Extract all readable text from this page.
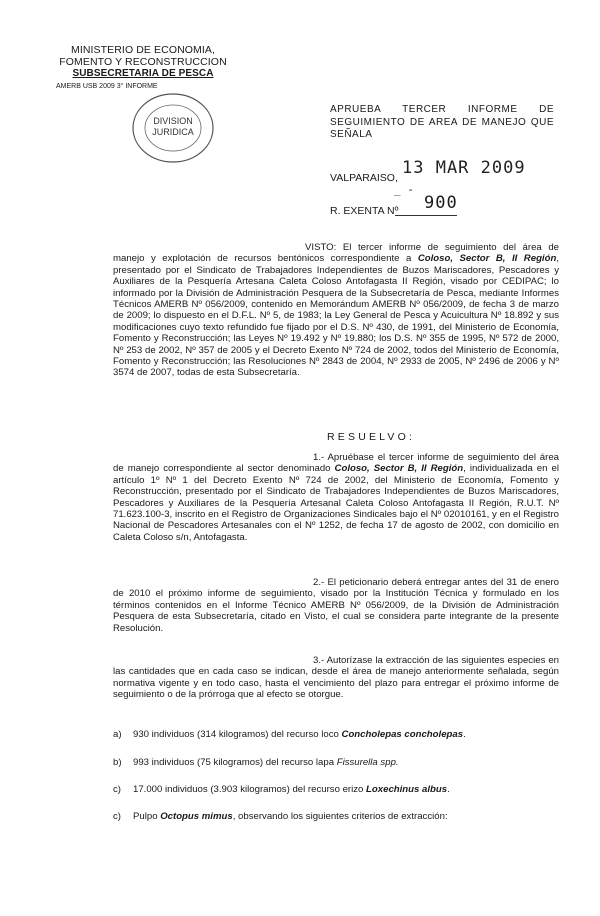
MINISTERIO DE ECONOMIA,
FOMENTO Y RECONSTRUCCION
SUBSECRETARIA DE PESCA
AMERB USB 2009 3° INFORME
DIVISION
JURIDICA
APRUEBA TERCER INFORME DE SEGUIMIENTO DE AREA DE MANEJO QUE SEÑALA
VALPARAISO, 13 MAR 2009
_ -
R. EXENTA Nº 900
VISTO: El tercer informe de seguimiento del área de manejo y explotación de recursos bentónicos correspondiente a Coloso, Sector B, II Región, presentado por el Sindicato de Trabajadores Independientes de Buzos Mariscadores, Pescadores y Auxiliares de la Pesquería Artesana Caleta Coloso Antofagasta II Región, visado por CEDIPAC; lo informado por la División de Administración Pesquera de la Subsecretaría de Pesca, mediante Informes Técnicos AMERB Nº 056/2009, contenido en Memorándum AMERB Nº 056/2009, de fecha 3 de marzo de 2009; lo dispuesto en el D.F.L. Nº 5, de 1983; la Ley General de Pesca y Acuicultura Nº 18.892 y sus modificaciones cuyo texto refundido fue fijado por el D.S. Nº 430, de 1991, del Ministerio de Economía, Fomento y Reconstrucción; las Leyes Nº 19.492 y Nº 19.880; los D.S. Nº 355 de 1995, Nº 572 de 2000, Nº 253 de 2002, Nº 357 de 2005 y el Decreto Exento Nº 724 de 2002, todos del Ministerio de Economía, Fomento y Reconstrucción; las Resoluciones Nº 2843 de 2004, Nº 2933 de 2005, Nº 2496 de 2006 y Nº 3574 de 2007, todas de esta Subsecretaría.
RESUELVO:
1.- Apruébase el tercer informe de seguimiento del área de manejo correspondiente al sector denominado Coloso, Sector B, II Región, individualizada en el artículo 1º Nº 1 del Decreto Exento Nº 724 de 2002, del Ministerio de Economía, Fomento y Reconstrucción, presentado por el Sindicato de Trabajadores Independientes de Buzos Mariscadores, Pescadores y Auxiliares de la Pesquería Artesanal Caleta Coloso Antofagasta II Región, R.U.T. Nº 71.623.100-3, inscrito en el Registro de Organizaciones Sindicales bajo el Nº 02010161, y en el Registro Nacional de Pescadores Artesanales con el Nº 1252, de fecha 17 de agosto de 2002, con domicilio en Caleta Coloso s/n, Antofagasta.
2.- El peticionario deberá entregar antes del 31 de enero de 2010 el próximo informe de seguimiento, visado por la Institución Técnica y formulado en los términos contenidos en el Informe Técnico AMERB Nº 056/2009, de la División de Administración Pesquera de esta Subsecretaría, citado en Visto, el cual se considera parte integrante de la presente Resolución.
3.- Autorízase la extracción de las siguientes especies en las cantidades que en cada caso se indican, desde el área de manejo anteriormente señalada, según normativa vigente y en todo caso, hasta el vencimiento del plazo para entregar el próximo informe de seguimiento o de la prórroga que al efecto se otorgue.
a) 930 individuos (314 kilogramos) del recurso loco Concholepas concholepas.
b) 993 individuos (75 kilogramos) del recurso lapa Fissurella spp.
c) 17.000 individuos (3.903 kilogramos) del recurso erizo Loxechinus albus.
c) Pulpo Octopus mimus, observando los siguientes criterios de extracción:
